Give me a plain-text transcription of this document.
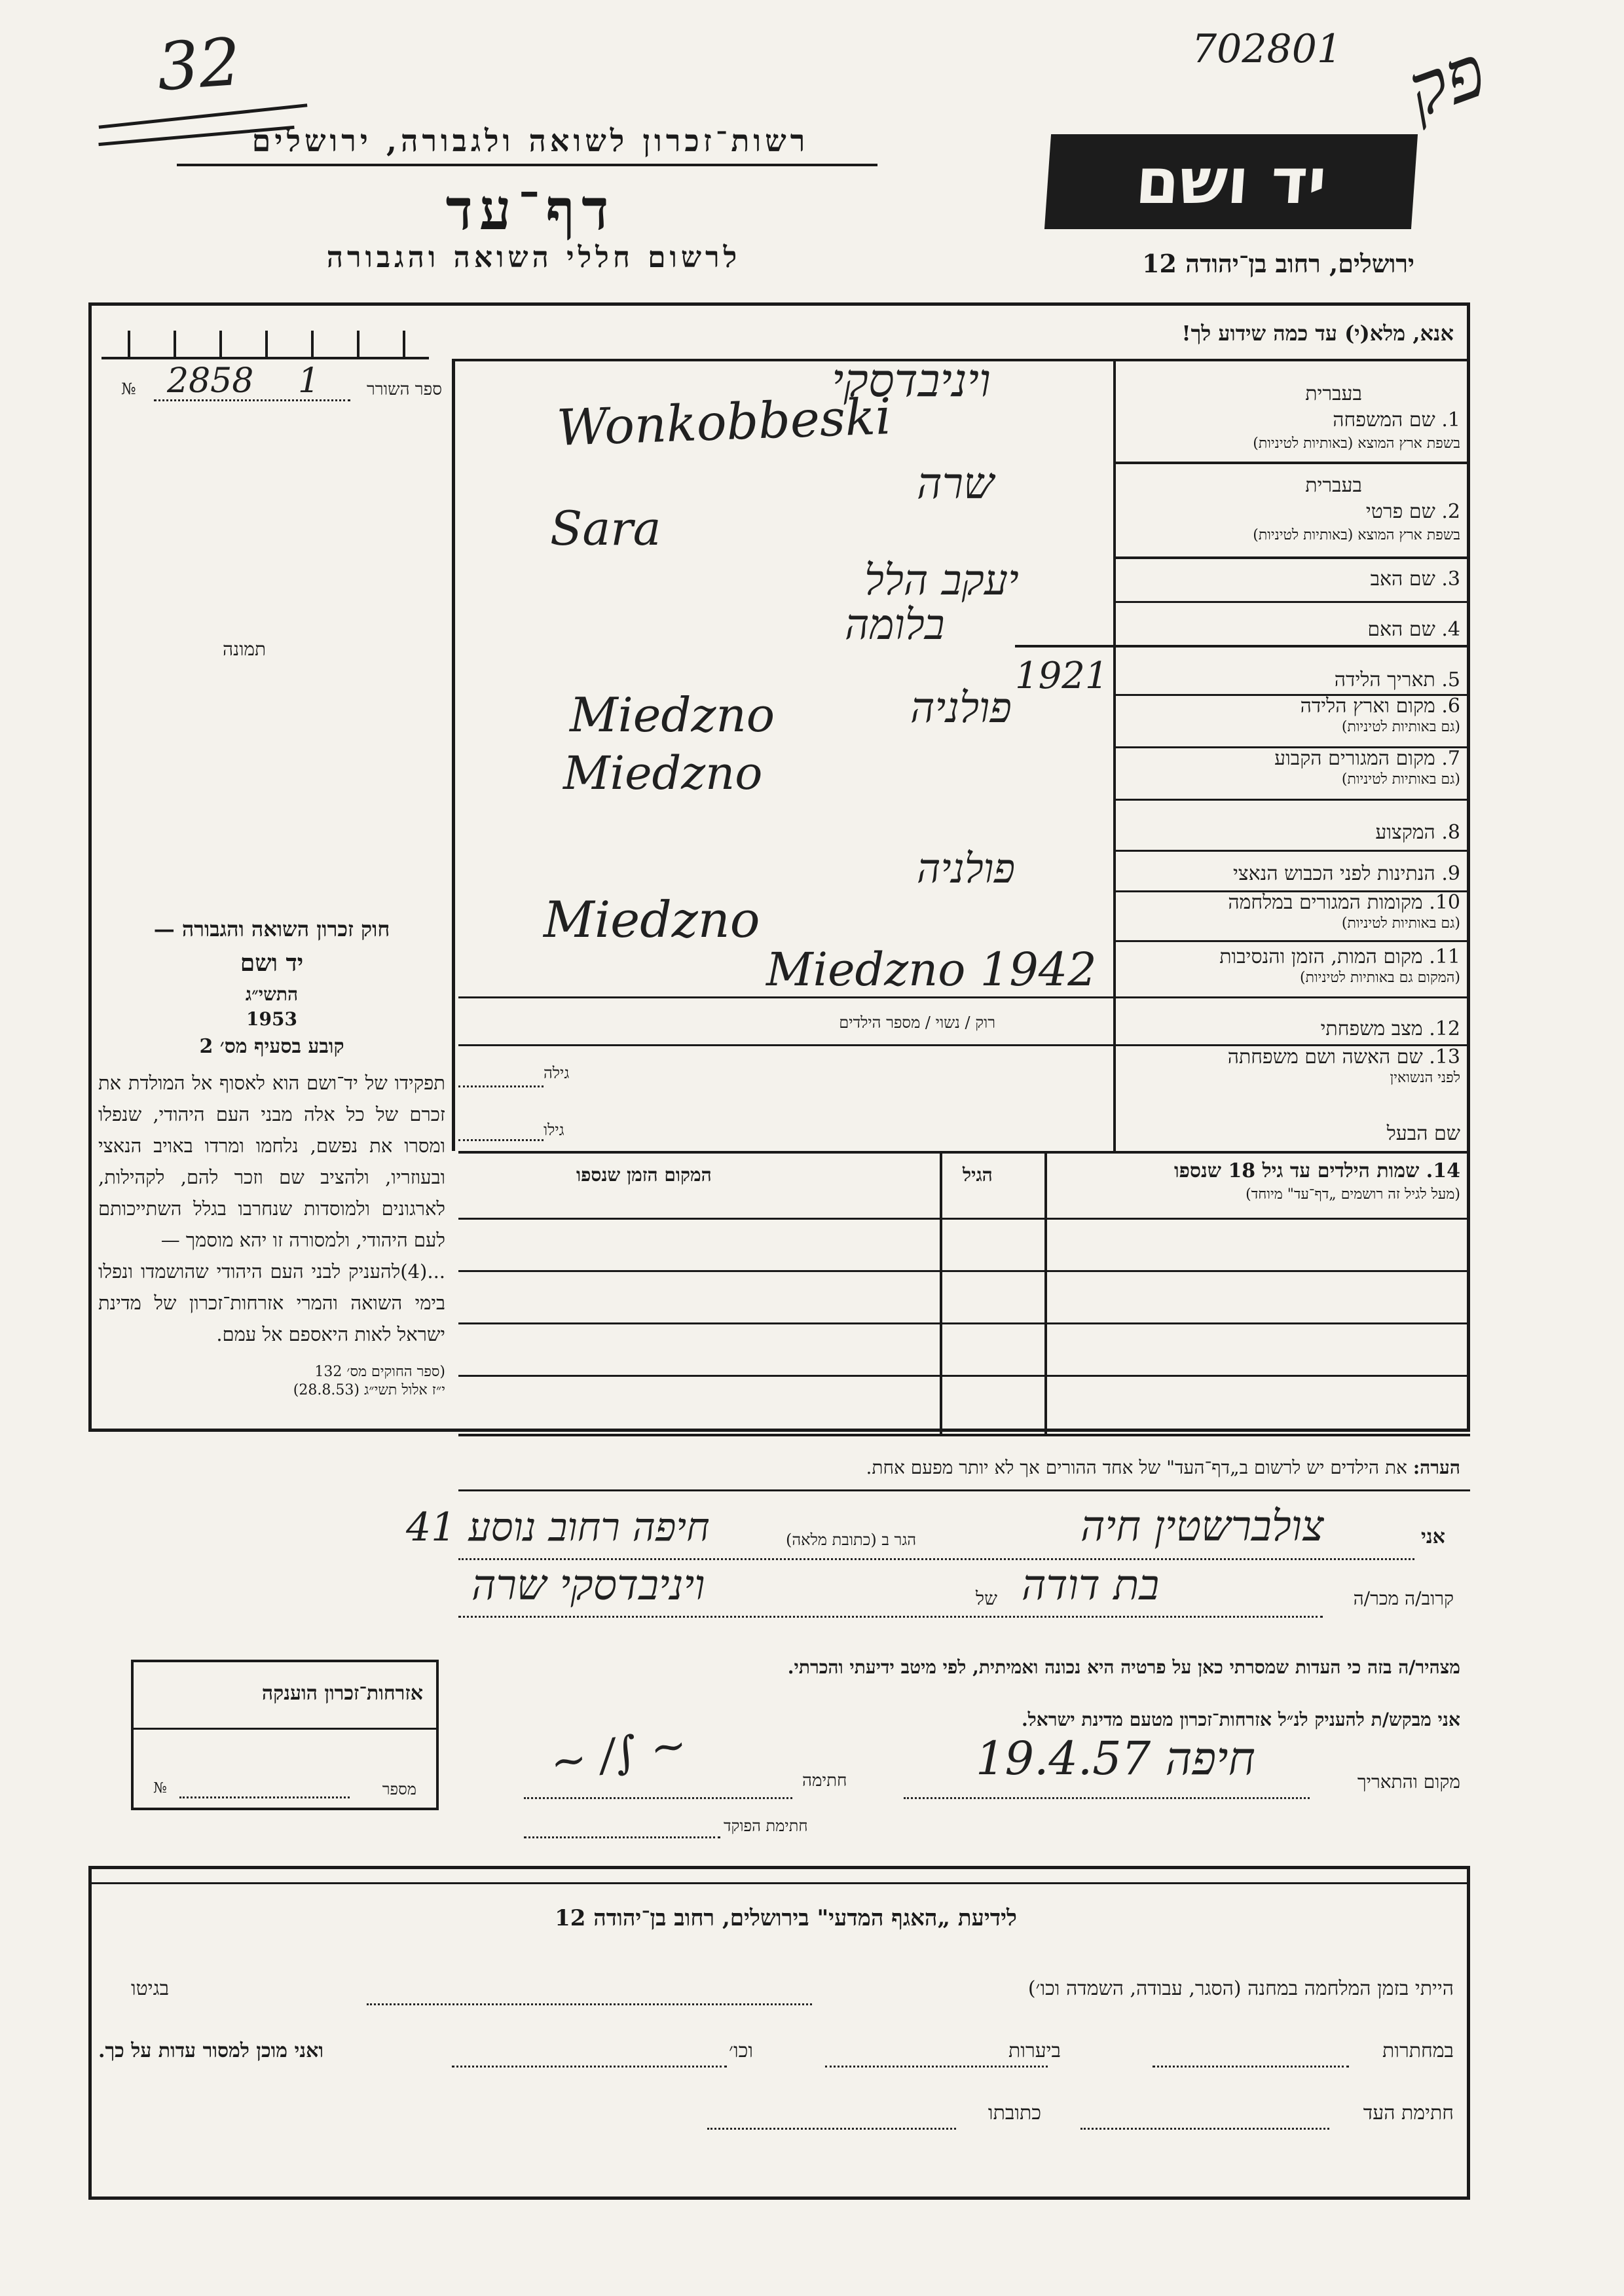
32	702801 פק
רשות־זכרון לשואה ולגבורה, ירושלים
דף־עד
לרשום חללי השואה והגבורה
יד ושם
ירושלים, רחוב בן־יהודה 12
אנא, מלא(י) עד כמה שידוע לך!
№ 2858 1	ספר השורר
תמונה
בעברית
1. שם המשפחה
בשפת ארץ המוצא (באותיות לטיניות)
ויניבדסקי
Wonkobbeski
בעברית
2. שם פרטי
בשפת ארץ המוצא (באותיות לטיניות)
שרה
Sara
3. שם האב
יעקב הלל
4. שם האם
בלומה
5. תאריך הלידה
1921
6. מקום וארץ הלידה
(גם באותיות לטיניות)
פולניה
Miedzno
7. מקום המגורים הקבוע
(גם באותיות לטיניות)
Miedzno
8. המקצוע
9. הנתינות לפני הכבוש הנאצי
פולניה
10. מקומות המגורים במלחמה
(גם באותיות לטיניות)
Miedzno
11. מקום המות, הזמן והנסיבות
(המקום גם באותיות לטיניות)
Miedzno 1942
12. מצב משפחתי
רוק / נשוי / מספר הילדים
13. שם האשה ושם משפחתה
לפני הנשואין
גילה
שם הבעל
גילו
14. שמות הילדים עד גיל 18 שנספו
(מעל לגיל זה רושמים „דף־עד" מיוחד)
הגיל
המקום הזמן שנספו
חוק זכרון השואה והגבורה —
יד ושם
התשי״ג
1953
קובע בסעיף מס׳ 2
תפקידו של יד־ושם הוא לאסוף אל המולדת את זכרם של כל אלה מבני העם היהודי, שנפלו ומסרו את נפשם, נלחמו ומרדו באויב הנאצי ובעוזריו, ולהציב שם וזכר להם, לקהילות, לארגונים ולמוסדות שנחרבו בגלל השתייכותם לעם היהודי, ולמסורה זו יהא מוסמך —
...(4)להעניק לבני העם היהודי שהושמדו ונפלו בימי השואה והמרי אזרחות־זכרון של מדינת ישראל לאות היאספם אל עמם.
(ספר החוקים מס׳ 132
י״ז אלול תשי״ג (28.8.53)
הערה: את הילדים יש לרשום ב„דף־העד" של אחד ההורים אך לא יותר מפעם אחת.
אני
צולברשטין חיה
הגר ב (כתובת מלאה)
חיפה רחוב נוסע 41
קרוב/ה מכר/ה
בת דודה
של
ויניבדסקי שרה
מצהיר/ה בזה כי העדות שמסרתי כאן על פרטיה היא נכונה ואמיתית, לפי מיטב ידיעתי והכרתי.
אני מבקש/ת להעניק לנ״ל אזרחות־זכרון מטעם מדינת ישראל.
מקום והתאריך
חיפה 19.4.57
חתימה
~ ∕∫ ~
חתימת הפוקד
אזרחות־זכרון הוענקה
מספר
№
לידיעת „האגף המדעי" בירושלים, רחוב בן־יהודה 12
הייתי בזמן המלחמה במחנה (הסגר, עבודה, השמדה וכו׳)
בגיטו
במחתרות
ביערות
וכו׳
ואני מוכן למסור עדות על כך.
חתימת העד
כתובתו
